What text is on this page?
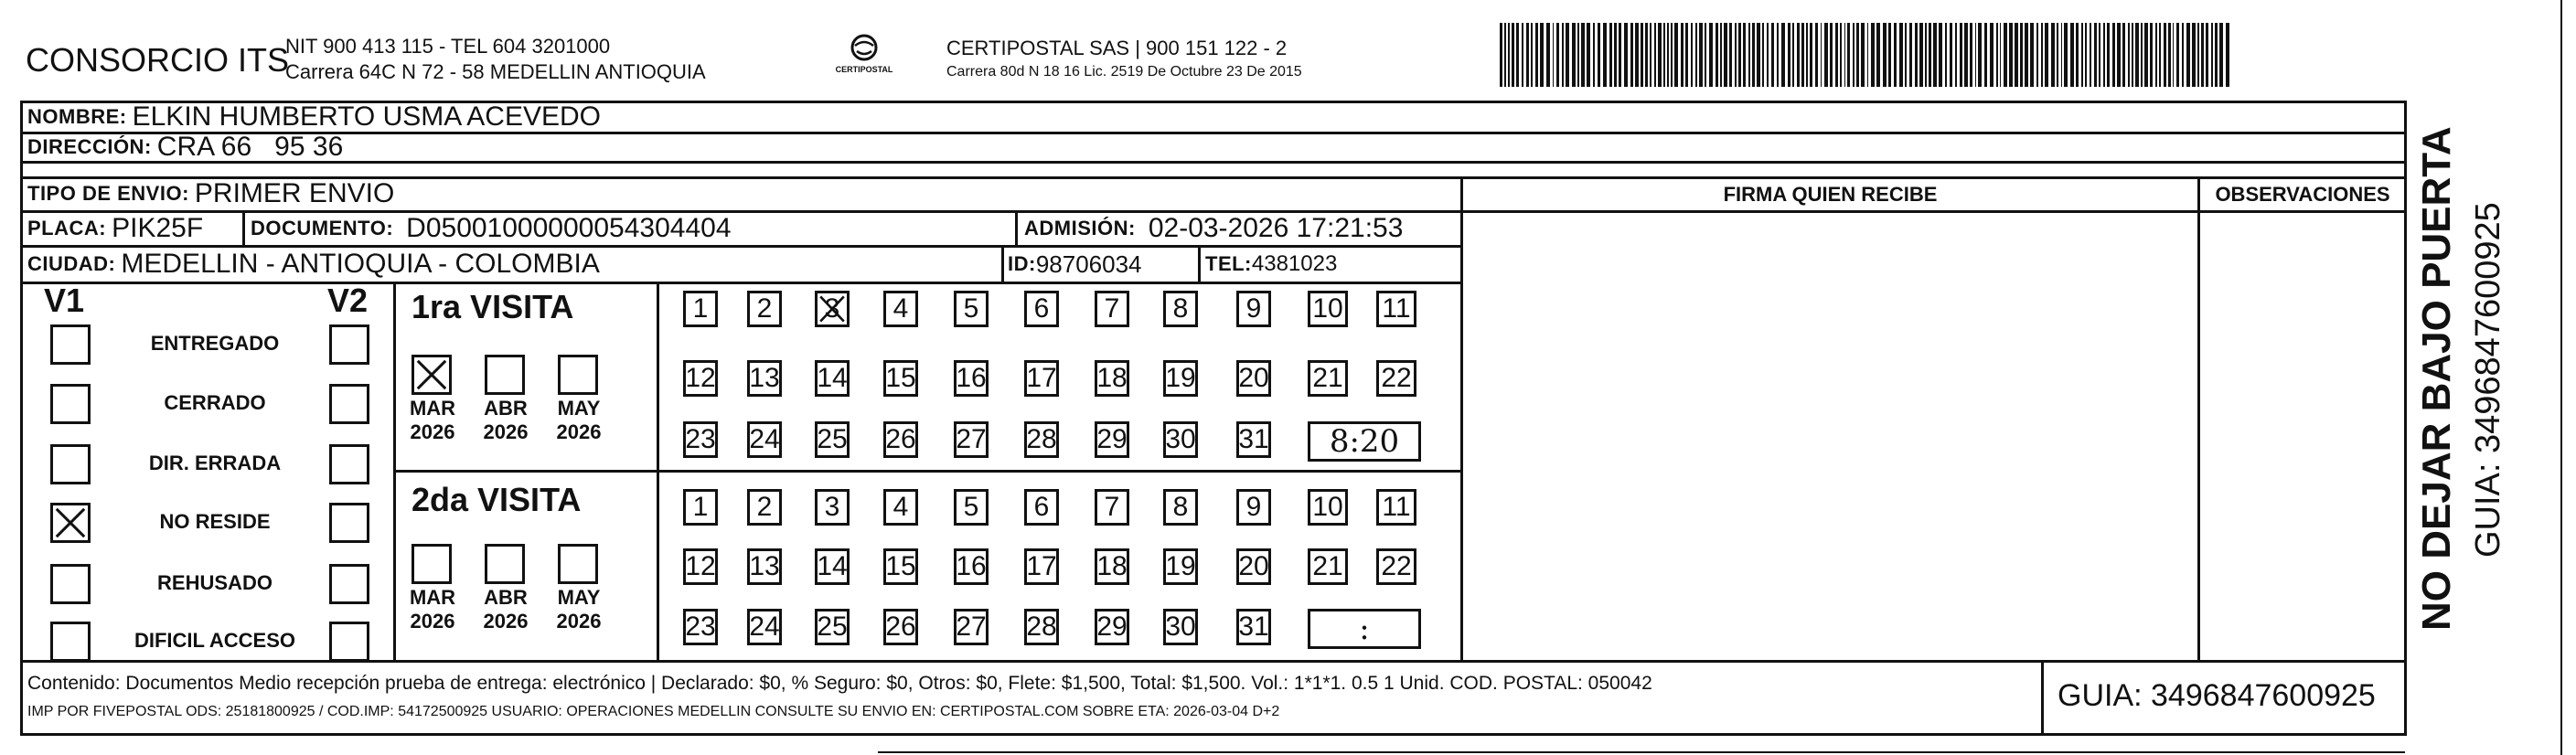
CONSORCIO ITS
NIT 900 413 115 - TEL 604 3201000
Carrera 64C N 72 - 58 MEDELLIN ANTIOQUIA	CERTIPOSTAL
CERTIPOSTAL SAS | 900 151 122 - 2
Carrera 80d N 18 16 Lic. 2519 De Octubre 23 De 2015
NOMBRE: ELKIN HUMBERTO USMA ACEVEDO
DIRECCIÓN: CRA 66   95 36
TIPO DE ENVIO: PRIMER ENVIO	FIRMA QUIEN RECIBE	OBSERVACIONES
PLACA: PIK25F DOCUMENTO: D05001000000054304404	ADMISIÓN: 02-03-2026 17:21:53
CIUDAD: MEDELLIN - ANTIOQUIA - COLOMBIA	ID: 98706034	TEL: 4381023
V1	V2
ENTREGADO
CERRADO
DIR. ERRADA
NO RESIDE
REHUSADO
DIFICIL ACCESO
1ra VISITA
MAR
2026
ABR
2026
MAY
2026
1	2	3	4	5	6	7	8	9	10 11
12 13 14 15 16 17 18 19 20 21 22
23 24 25 26 27 28 29 30 31	8:20
2da VISITA
MAR
2026
ABR
2026
MAY
2026
1	2	3	4	5	6	7	8	9	10 11
12 13 14 15 16 17 18 19 20 21 22
23 24 25 26 27 28 29 30 31	:
Contenido: Documentos Medio recepción prueba de entrega: electrónico | Declarado: $0, % Seguro: $0, Otros: $0, Flete: $1,500, Total: $1,500. Vol.: 1*1*1. 0.5 1 Unid. COD. POSTAL: 050042
IMP POR FIVEPOSTAL ODS: 25181800925 / COD.IMP: 54172500925 USUARIO: OPERACIONES MEDELLIN CONSULTE SU ENVIO EN: CERTIPOSTAL.COM SOBRE ETA: 2026-03-04 D+2	GUIA: 3496847600925
NO DEJAR BAJO PUERTA GUIA: 3496847600925
